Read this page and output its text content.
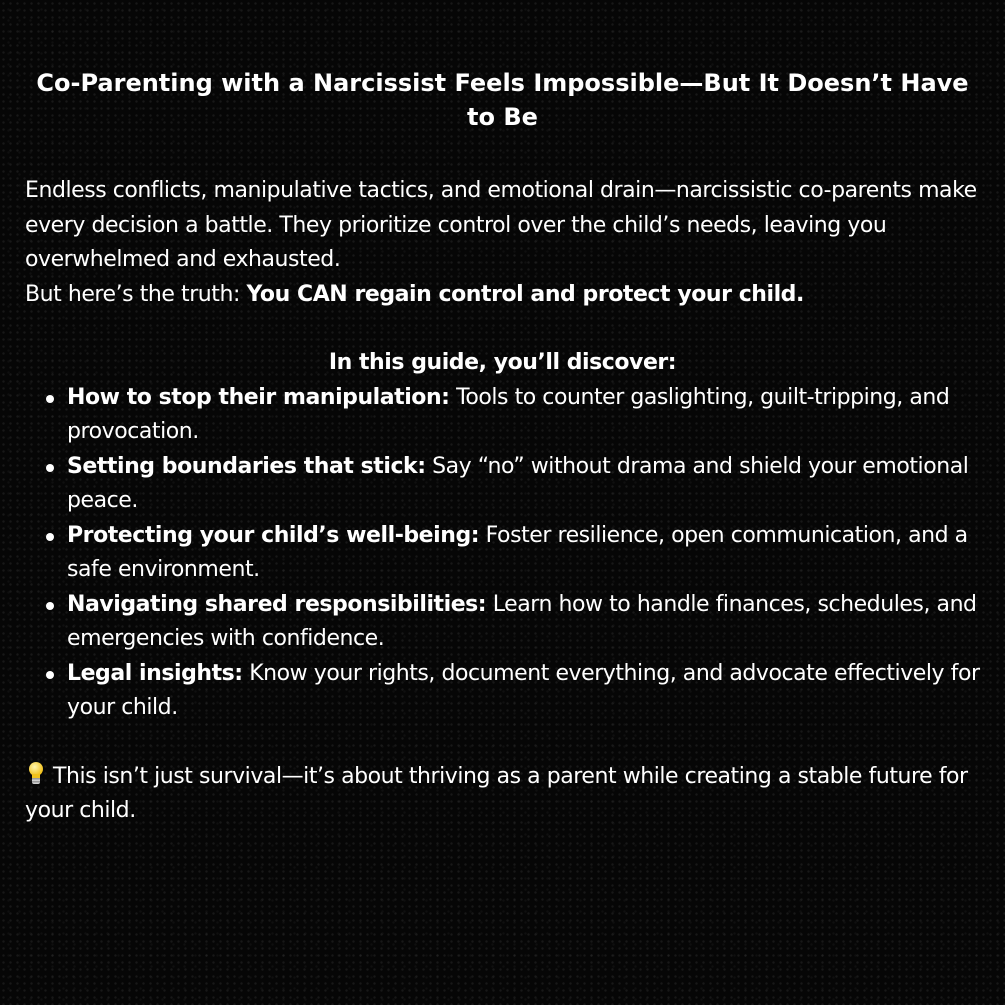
Co-Parenting with a Narcissist Feels Impossible—But It Doesn’t Have to Be

Endless conflicts, manipulative tactics, and emotional drain—narcissistic co-parents make every decision a battle. They prioritize control over the child’s needs, leaving you overwhelmed and exhausted.
But here’s the truth: You CAN regain control and protect your child.

In this guide, you’ll discover:
How to stop their manipulation: Tools to counter gaslighting, guilt-tripping, and provocation.
Setting boundaries that stick: Say “no” without drama and shield your emotional peace.
Protecting your child’s well-being: Foster resilience, open communication, and a safe environment.
Navigating shared responsibilities: Learn how to handle finances, schedules, and emergencies with confidence.
Legal insights: Know your rights, document everything, and advocate effectively for your child.

This isn’t just survival—it’s about thriving as a parent while creating a stable future for your child.
